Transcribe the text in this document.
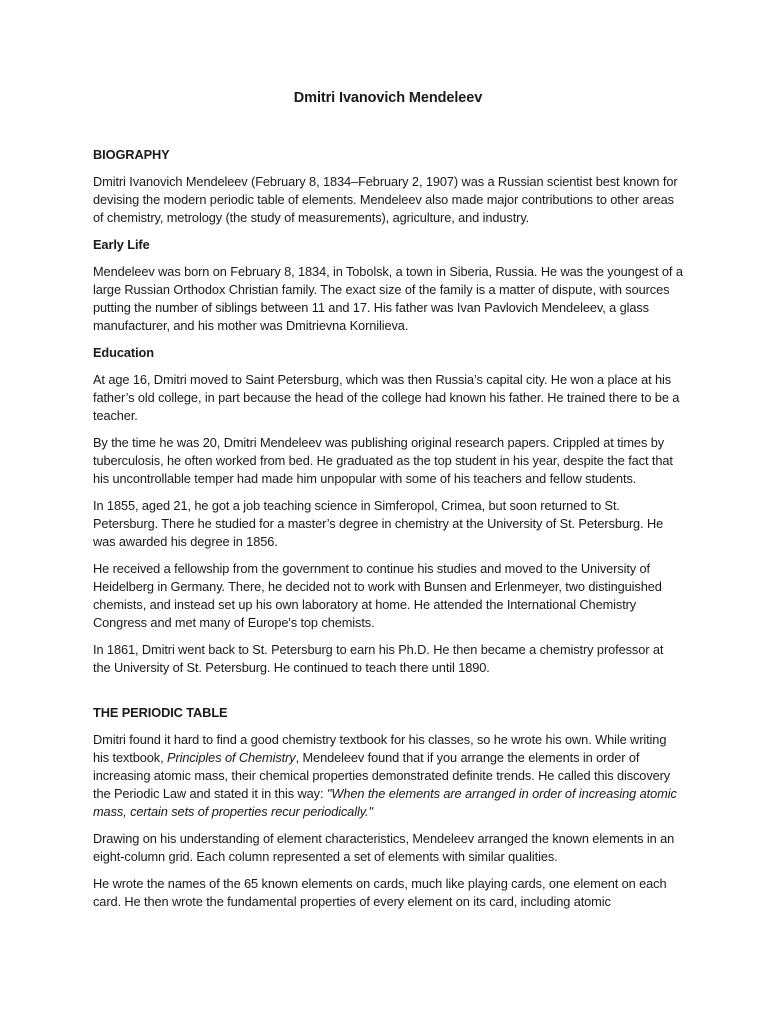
Dmitri Ivanovich Mendeleev
BIOGRAPHY

Dmitri Ivanovich Mendeleev (February 8, 1834–February 2, 1907) was a Russian scientist best known for devising the modern periodic table of elements. Mendeleev also made major contributions to other areas of chemistry, metrology (the study of measurements), agriculture, and industry.

Early Life

Mendeleev was born on February 8, 1834, in Tobolsk, a town in Siberia, Russia. He was the youngest of a large Russian Orthodox Christian family. The exact size of the family is a matter of dispute, with sources putting the number of siblings between 11 and 17. His father was Ivan Pavlovich Mendeleev, a glass manufacturer, and his mother was Dmitrievna Kornilieva.

Education

At age 16, Dmitri moved to Saint Petersburg, which was then Russia’s capital city. He won a place at his father’s old college, in part because the head of the college had known his father. He trained there to be a teacher.

By the time he was 20, Dmitri Mendeleev was publishing original research papers. Crippled at times by tuberculosis, he often worked from bed. He graduated as the top student in his year, despite the fact that his uncontrollable temper had made him unpopular with some of his teachers and fellow students.

In 1855, aged 21, he got a job teaching science in Simferopol, Crimea, but soon returned to St. Petersburg. There he studied for a master’s degree in chemistry at the University of St. Petersburg. He was awarded his degree in 1856.

He received a fellowship from the government to continue his studies and moved to the University of Heidelberg in Germany. There, he decided not to work with Bunsen and Erlenmeyer, two distinguished chemists, and instead set up his own laboratory at home. He attended the International Chemistry Congress and met many of Europe's top chemists.

In 1861, Dmitri went back to St. Petersburg to earn his Ph.D. He then became a chemistry professor at the University of St. Petersburg. He continued to teach there until 1890.

THE PERIODIC TABLE

Dmitri found it hard to find a good chemistry textbook for his classes, so he wrote his own. While writing his textbook, Principles of Chemistry, Mendeleev found that if you arrange the elements in order of increasing atomic mass, their chemical properties demonstrated definite trends. He called this discovery the Periodic Law and stated it in this way: "When the elements are arranged in order of increasing atomic mass, certain sets of properties recur periodically."

Drawing on his understanding of element characteristics, Mendeleev arranged the known elements in an eight-column grid. Each column represented a set of elements with similar qualities.

He wrote the names of the 65 known elements on cards, much like playing cards, one element on each card. He then wrote the fundamental properties of every element on its card, including atomic
